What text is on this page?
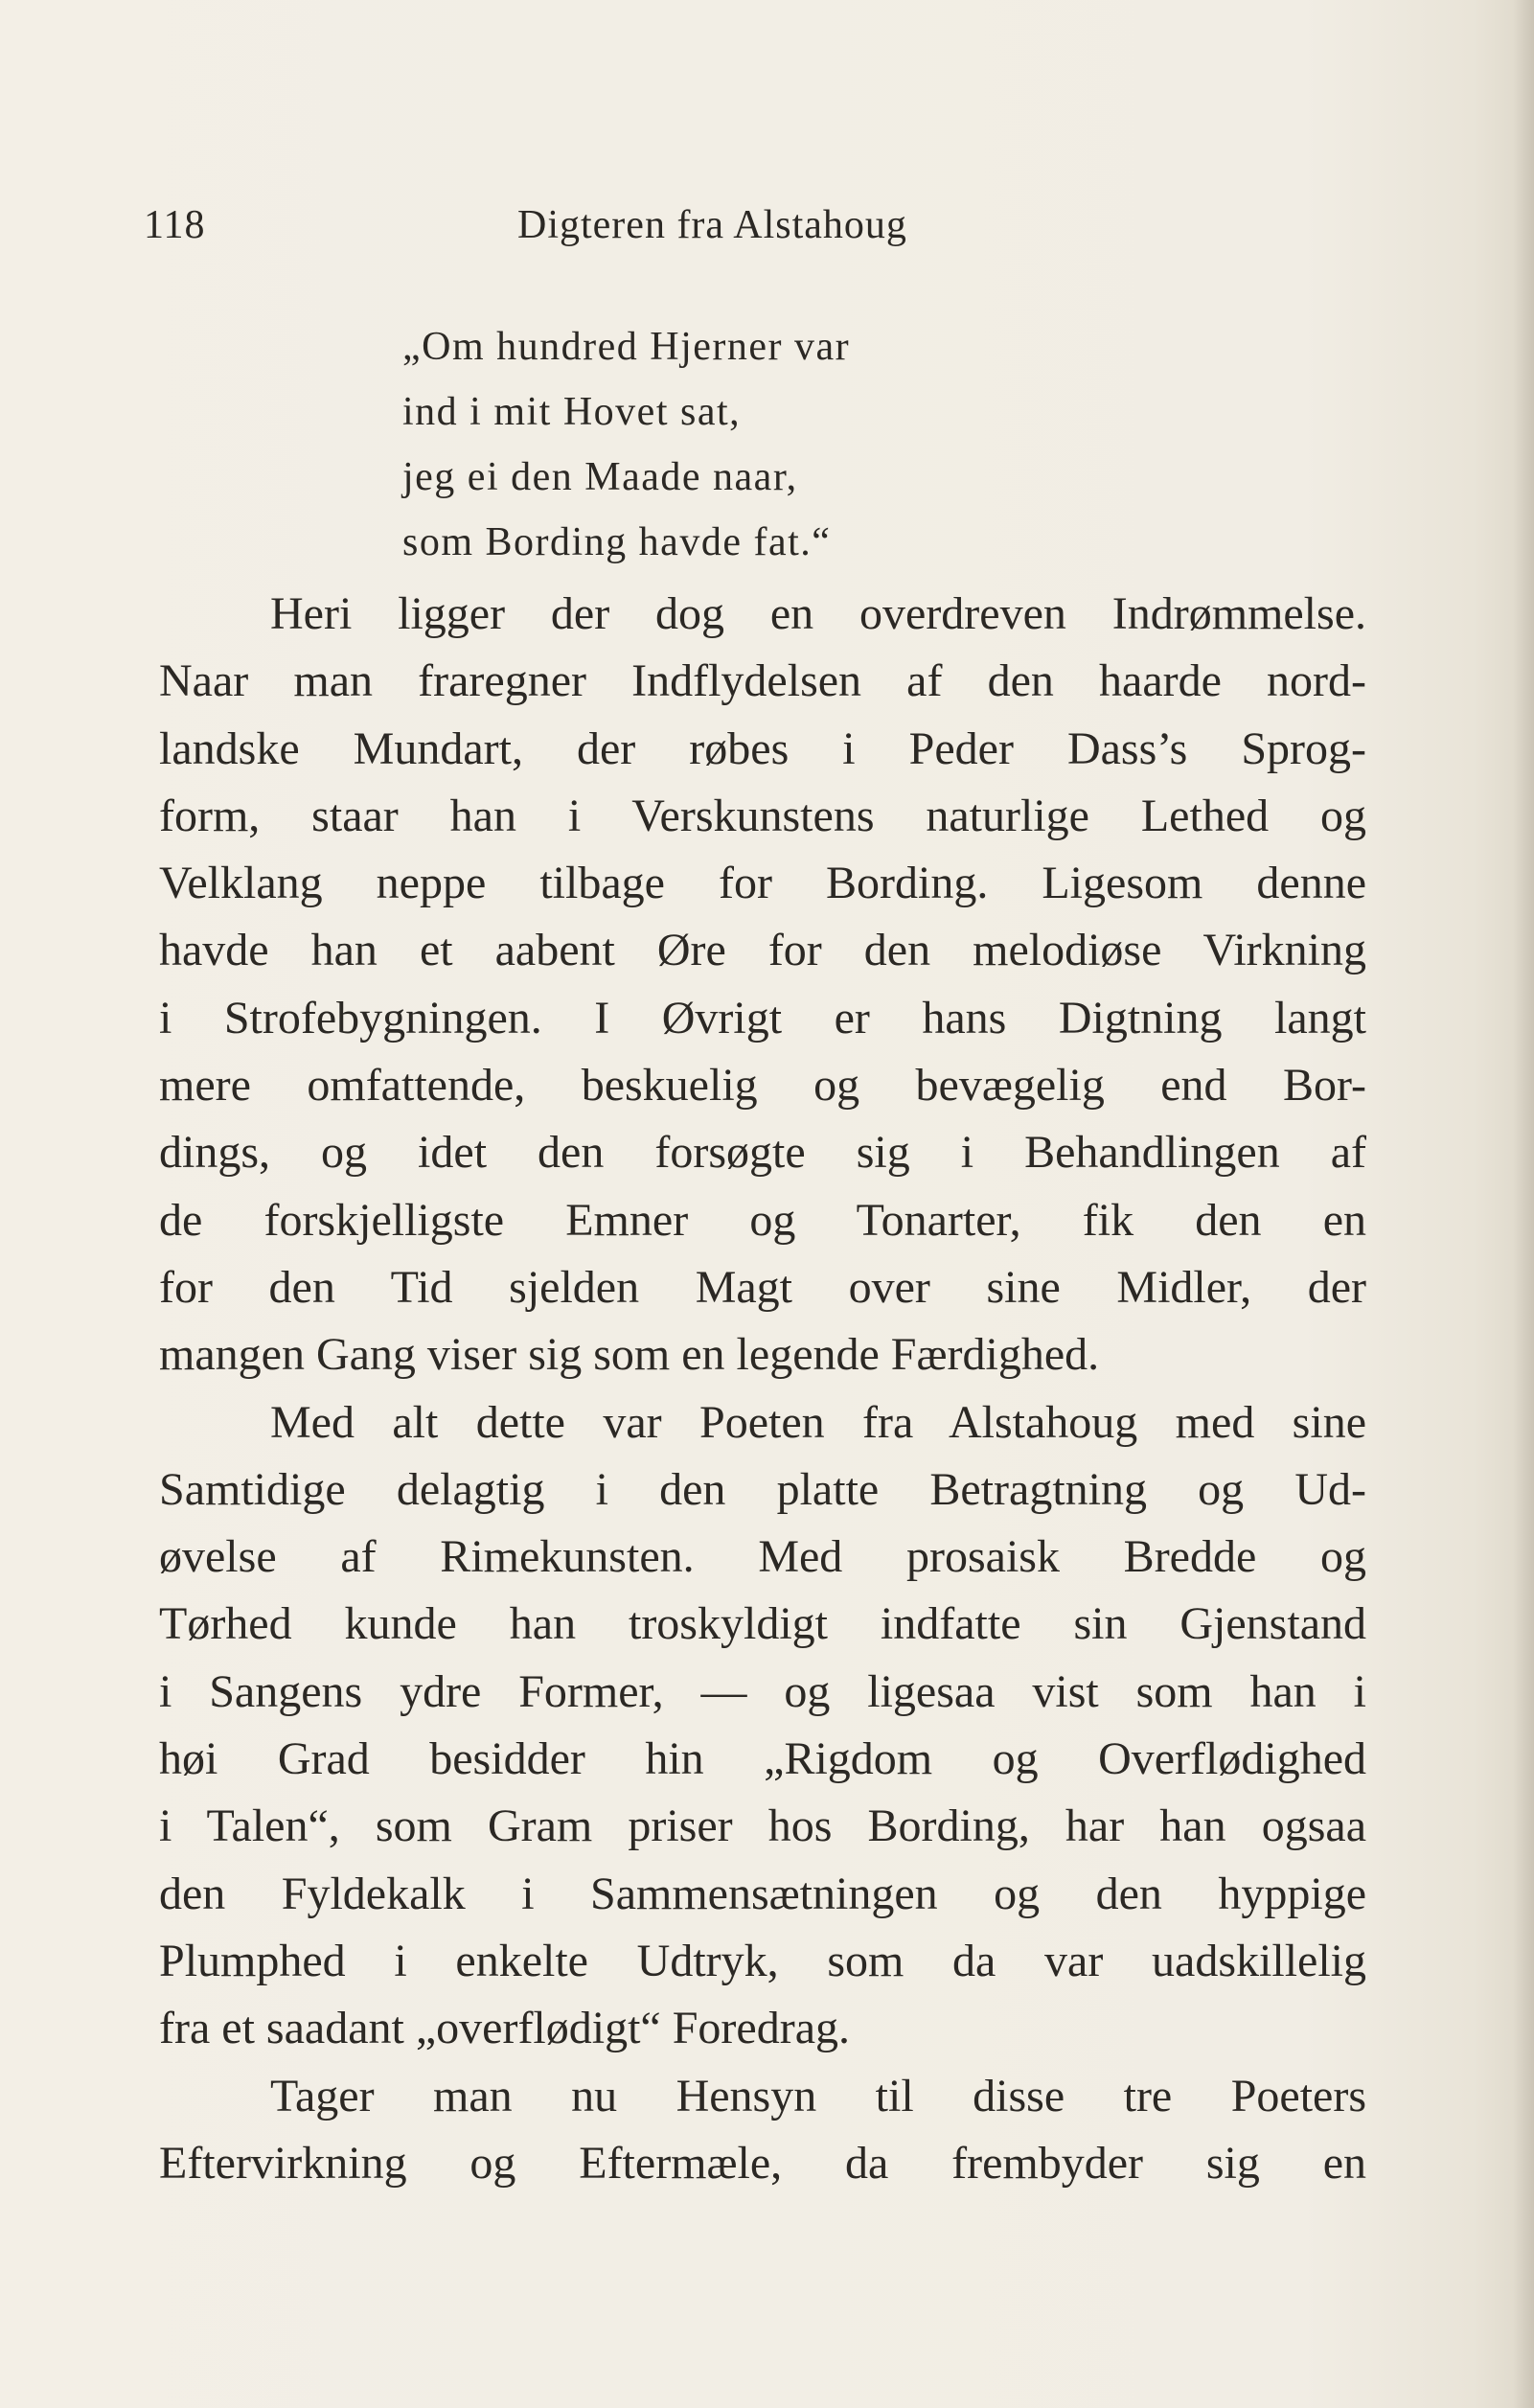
118	Digteren fra Alstahoug
„Om hundred Hjerner var
ind i mit Hovet sat,
jeg ei den Maade naar,
som Bording havde fat.“
Heri ligger der dog en overdreven Indrømmelse.
Naar man fraregner Indflydelsen af den haarde nord-
landske Mundart, der røbes i Peder Dass’s Sprog-
form, staar han i Verskunstens naturlige Lethed og
Velklang neppe tilbage for Bording. Ligesom denne
havde han et aabent Øre for den melodiøse Virkning
i Strofebygningen. I Øvrigt er hans Digtning langt
mere omfattende, beskuelig og bevægelig end Bor-
dings, og idet den forsøgte sig i Behandlingen af
de forskjelligste Emner og Tonarter, fik den en
for den Tid sjelden Magt over sine Midler, der
mangen Gang viser sig som en legende Færdighed.
Med alt dette var Poeten fra Alstahoug med sine
Samtidige delagtig i den platte Betragtning og Ud-
øvelse af Rimekunsten. Med prosaisk Bredde og
Tørhed kunde han troskyldigt indfatte sin Gjenstand
i Sangens ydre Former, — og ligesaa vist som han i
høi Grad besidder hin „Rigdom og Overflødighed
i Talen“, som Gram priser hos Bording, har han ogsaa
den Fyldekalk i Sammensætningen og den hyppige
Plumphed i enkelte Udtryk, som da var uadskillelig
fra et saadant „overflødigt“ Foredrag.
Tager man nu Hensyn til disse tre Poeters
Eftervirkning og Eftermæle, da frembyder sig en
